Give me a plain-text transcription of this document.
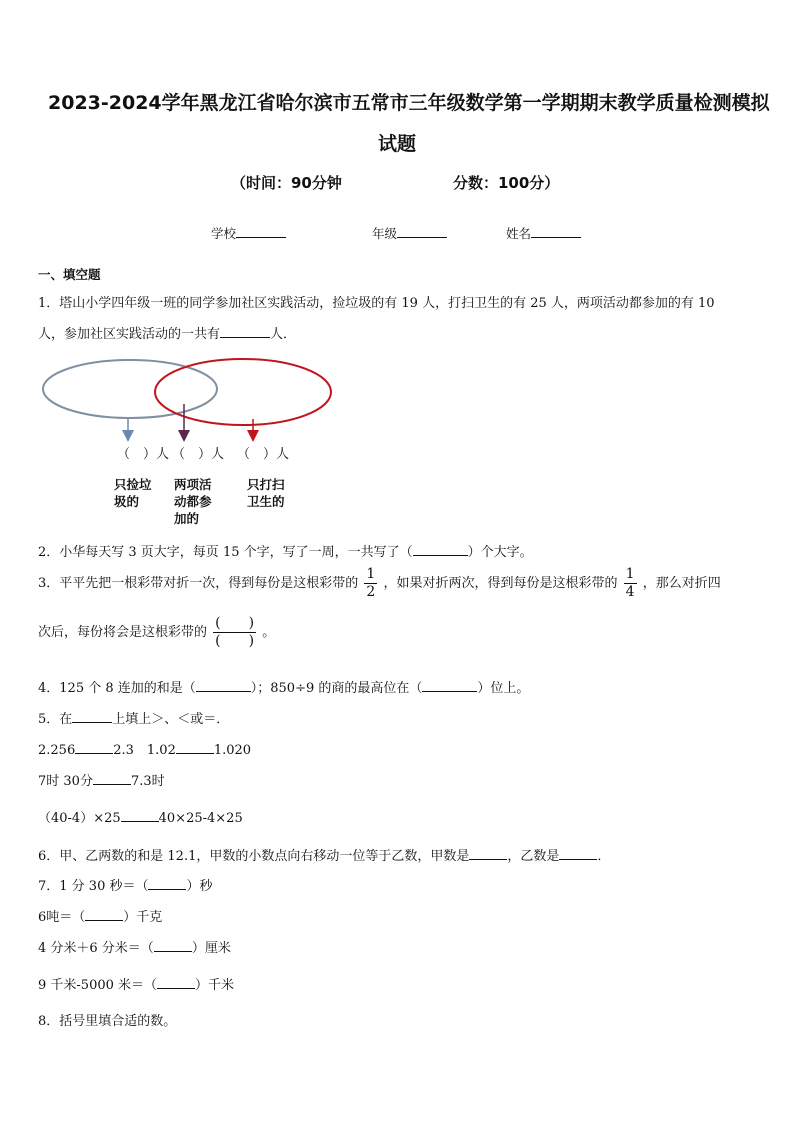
2023-2024学年黑龙江省哈尔滨市五常市三年级数学第一学期期末教学质量检测模拟
试题
（时间：90分钟	分数：100分）
学校	年级	姓名
一、填空题
1．塔山小学四年级一班的同学参加社区实践活动，捡垃圾的有 19 人，打扫卫生的有 25 人，两项活动都参加的有 10
人，参加社区实践活动的一共有	人．
（　）人 （　）人 （　）人
只捡垃圾的
两项活动都参加的
只打扫卫生的
2．小华每天写 3 页大字，每页 15 个字，写了一周，一共写了（	）个大字。
3．平平先把一根彩带对折一次，得到每份是这根彩带的 $\frac{1}{2}$ ，如果对折两次，得到每份是这根彩带的 $\frac{1}{4}$ ，那么对折四
次后，每份将会是这根彩带的 $\frac{( )}{( )}$ 。
4．125 个 8 连加的和是（	）；850÷9 的商的最高位在（	）位上。
5．在	上填上＞、＜或＝．
2.256	2.3　1.02	1.020
7时 30分	7.3时
（40-4）×25	40×25-4×25
6．甲、乙两数的和是 12.1，甲数的小数点向右移动一位等于乙数，甲数是	，乙数是	．
7．1 分 30 秒＝（	）秒
6吨＝（	）千克
4 分米＋6 分米＝（	）厘米
9 千米-5000 米＝（	）千米
8．括号里填合适的数。
